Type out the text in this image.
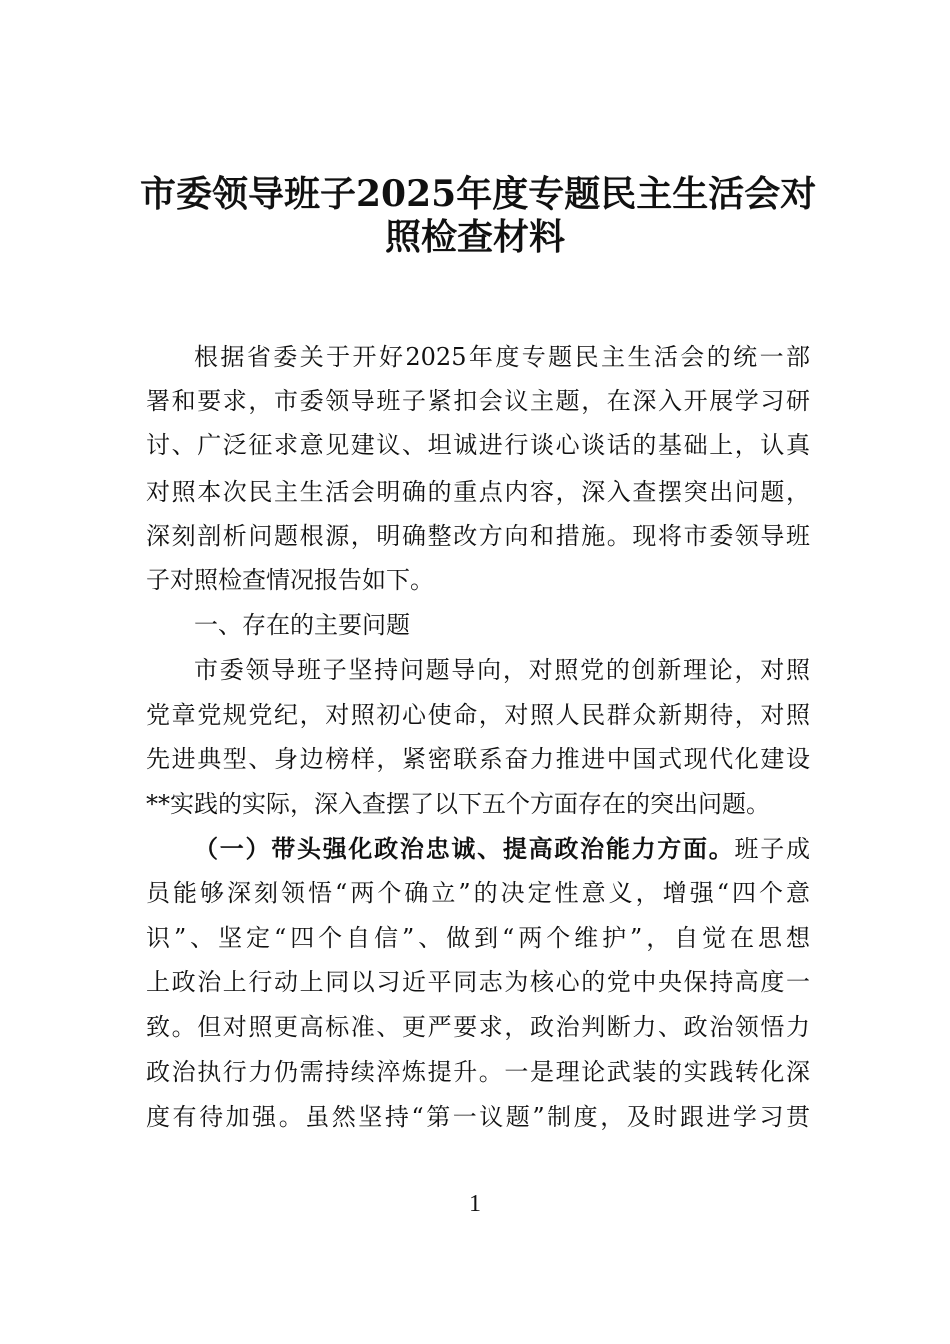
市委领导班子2025年度专题民主生活会对
照检查材料
根据省委关于开好2025年度专题民主生活会的统一部
署和要求，市委领导班子紧扣会议主题，在深入开展学习研
讨、广泛征求意见建议、坦诚进行谈心谈话的基础上，认真
对照本次民主生活会明确的重点内容，深入查摆突出问题，
深刻剖析问题根源，明确整改方向和措施。现将市委领导班
子对照检查情况报告如下。
一、存在的主要问题
市委领导班子坚持问题导向，对照党的创新理论，对照
党章党规党纪，对照初心使命，对照人民群众新期待，对照
先进典型、身边榜样，紧密联系奋力推进中国式现代化建设
**实践的实际，深入查摆了以下五个方面存在的突出问题。
（一）带头强化政治忠诚、提高政治能力方面。班子成
员能够深刻领悟“两个确立”的决定性意义，增强“四个意
识”、坚定“四个自信”、做到“两个维护”，自觉在思想
上政治上行动上同以习近平同志为核心的党中央保持高度一
致。但对照更高标准、更严要求，政治判断力、政治领悟力
政治执行力仍需持续淬炼提升。一是理论武装的实践转化深
度有待加强。虽然坚持“第一议题”制度，及时跟进学习贯
1
